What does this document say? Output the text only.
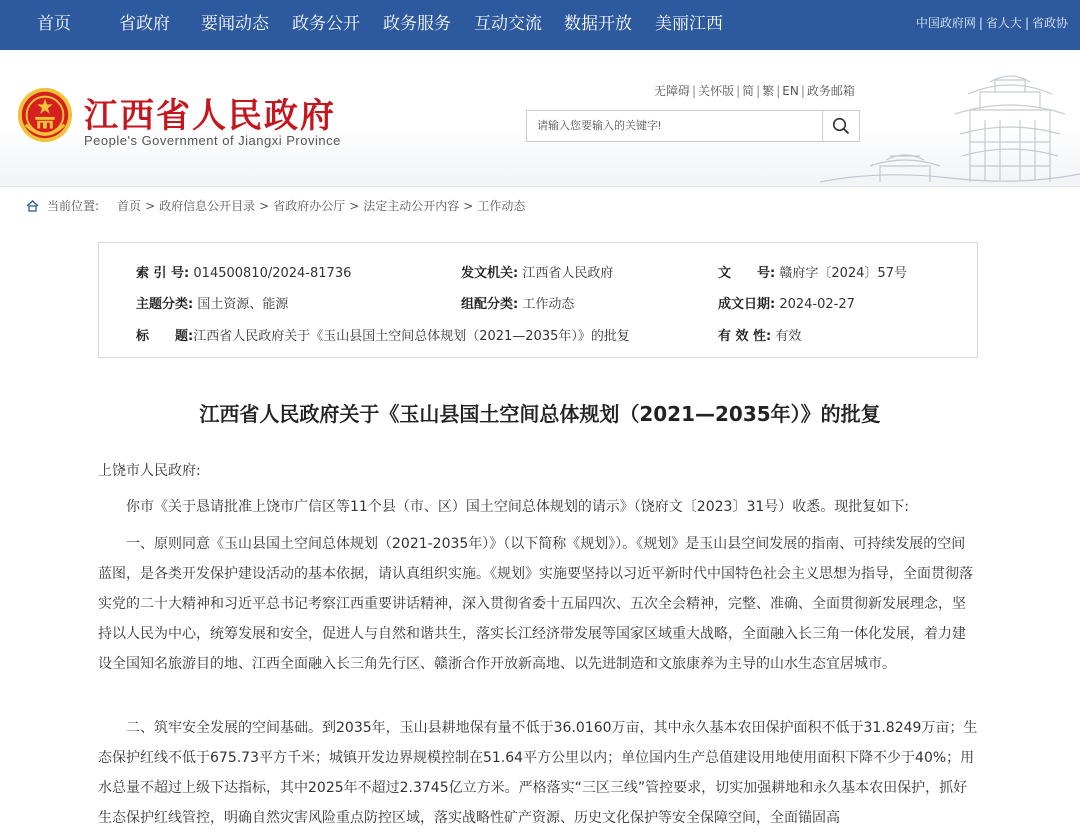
首页	省政府 要闻动态 政务公开 政务服务 互动交流 数据开放 美丽江西	中国政府网 | 省人大 | 省政协
江西省人民政府
People's Government of Jiangxi Province
无障碍 | 关怀版 | 简 | 繁 | EN | 政务邮箱
请输入您要输入的关键字!
当前位置: 首页 > 政府信息公开目录 > 省政府办公厅 > 法定主动公开内容 > 工作动态
索 引 号: 014500810/2024-81736	发文机关: 江西省人民政府	文　　号: 赣府字〔2024〕57号
主题分类: 国土资源、能源	组配分类: 工作动态	成文日期: 2024-02-27
标　　题:江西省人民政府关于《玉山县国土空间总体规划（2021—2035年）》的批复	有 效 性: 有效
江西省人民政府关于《玉山县国土空间总体规划（2021—2035年）》的批复
上饶市人民政府:
你市《关于恳请批准上饶市广信区等11个县（市、区）国土空间总体规划的请示》（饶府文〔2023〕31号）收悉。现批复如下:
一、原则同意《玉山县国土空间总体规划（2021-2035年）》（以下简称《规划》）。《规划》是玉山县空间发展的指南、可持续发展的空间蓝图，是各类开发保护建设活动的基本依据，请认真组织实施。《规划》实施要坚持以习近平新时代中国特色社会主义思想为指导，全面贯彻落实党的二十大精神和习近平总书记考察江西重要讲话精神，深入贯彻省委十五届四次、五次全会精神，完整、准确、全面贯彻新发展理念，坚持以人民为中心，统筹发展和安全，促进人与自然和谐共生，落实长江经济带发展等国家区域重大战略，全面融入长三角一体化发展，着力建设全国知名旅游目的地、江西全面融入长三角先行区、赣浙合作开放新高地、以先进制造和文旅康养为主导的山水生态宜居城市。
二、筑牢安全发展的空间基础。到2035年，玉山县耕地保有量不低于36.0160万亩，其中永久基本农田保护面积不低于31.8249万亩；生态保护红线不低于675.73平方千米；城镇开发边界规模控制在51.64平方公里以内；单位国内生产总值建设用地使用面积下降不少于40%；用水总量不超过上级下达指标，其中2025年不超过2.3745亿立方米。严格落实“三区三线”管控要求，切实加强耕地和永久基本农田保护，抓好生态保护红线管控，明确自然灾害风险重点防控区域，落实战略性矿产资源、历史文化保护等安全保障空间，全面锚固高
